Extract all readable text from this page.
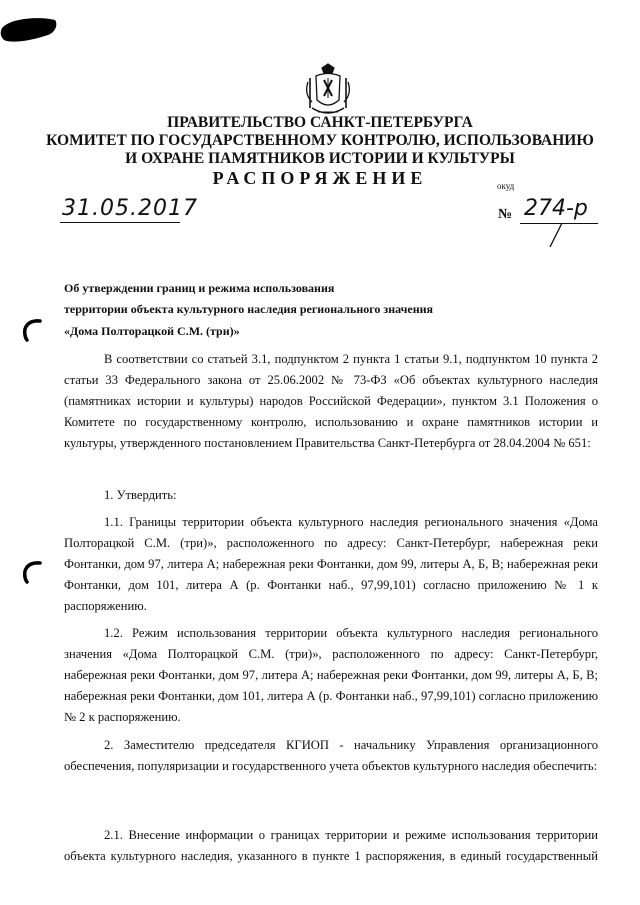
ПРАВИТЕЛЬСТВО САНКТ-ПЕТЕРБУРГА
КОМИТЕТ ПО ГОСУДАРСТВЕННОМУ КОНТРОЛЮ, ИСПОЛЬЗОВАНИЮ
И ОХРАНЕ ПАМЯТНИКОВ ИСТОРИИ И КУЛЬТУРЫ
РАСПОРЯЖЕНИЕ	окуд
31.05.2017	№ 274-р
Об утверждении границ и режима использования
территории объекта культурного наследия регионального значения
«Дома Полторацкой С.М. (три)»

В соответствии со статьей 3.1, подпунктом 2 пункта 1 статьи 9.1, подпунктом 10 пункта 2 статьи 33 Федерального закона от 25.06.2002 № 73-ФЗ «Об объектах культурного наследия (памятниках истории и культуры) народов Российской Федерации», пунктом 3.1 Положения о Комитете по государственному контролю, использованию и охране памятников истории и культуры, утвержденного постановлением Правительства Санкт-Петербурга от 28.04.2004 № 651:

1. Утвердить:

1.1. Границы территории объекта культурного наследия регионального значения «Дома Полторацкой С.М. (три)», расположенного по адресу: Санкт-Петербург, набережная реки Фонтанки, дом 97, литера А; набережная реки Фонтанки, дом 99, литеры А, Б, В; набережная реки Фонтанки, дом 101, литера А (р. Фонтанки наб., 97,99,101) согласно приложению № 1 к распоряжению.

1.2. Режим использования территории объекта культурного наследия регионального значения «Дома Полторацкой С.М. (три)», расположенного по адресу: Санкт-Петербург, набережная реки Фонтанки, дом 97, литера А; набережная реки Фонтанки, дом 99, литеры А, Б, В; набережная реки Фонтанки, дом 101, литера А (р. Фонтанки наб., 97,99,101) согласно приложению № 2 к распоряжению.

2. Заместителю председателя КГИОП - начальнику Управления организационного обеспечения, популяризации и государственного учета объектов культурного наследия обеспечить:

2.1. Внесение информации о границах территории и режиме использования территории объекта культурного наследия, указанного в пункте 1 распоряжения, в единый государственный
